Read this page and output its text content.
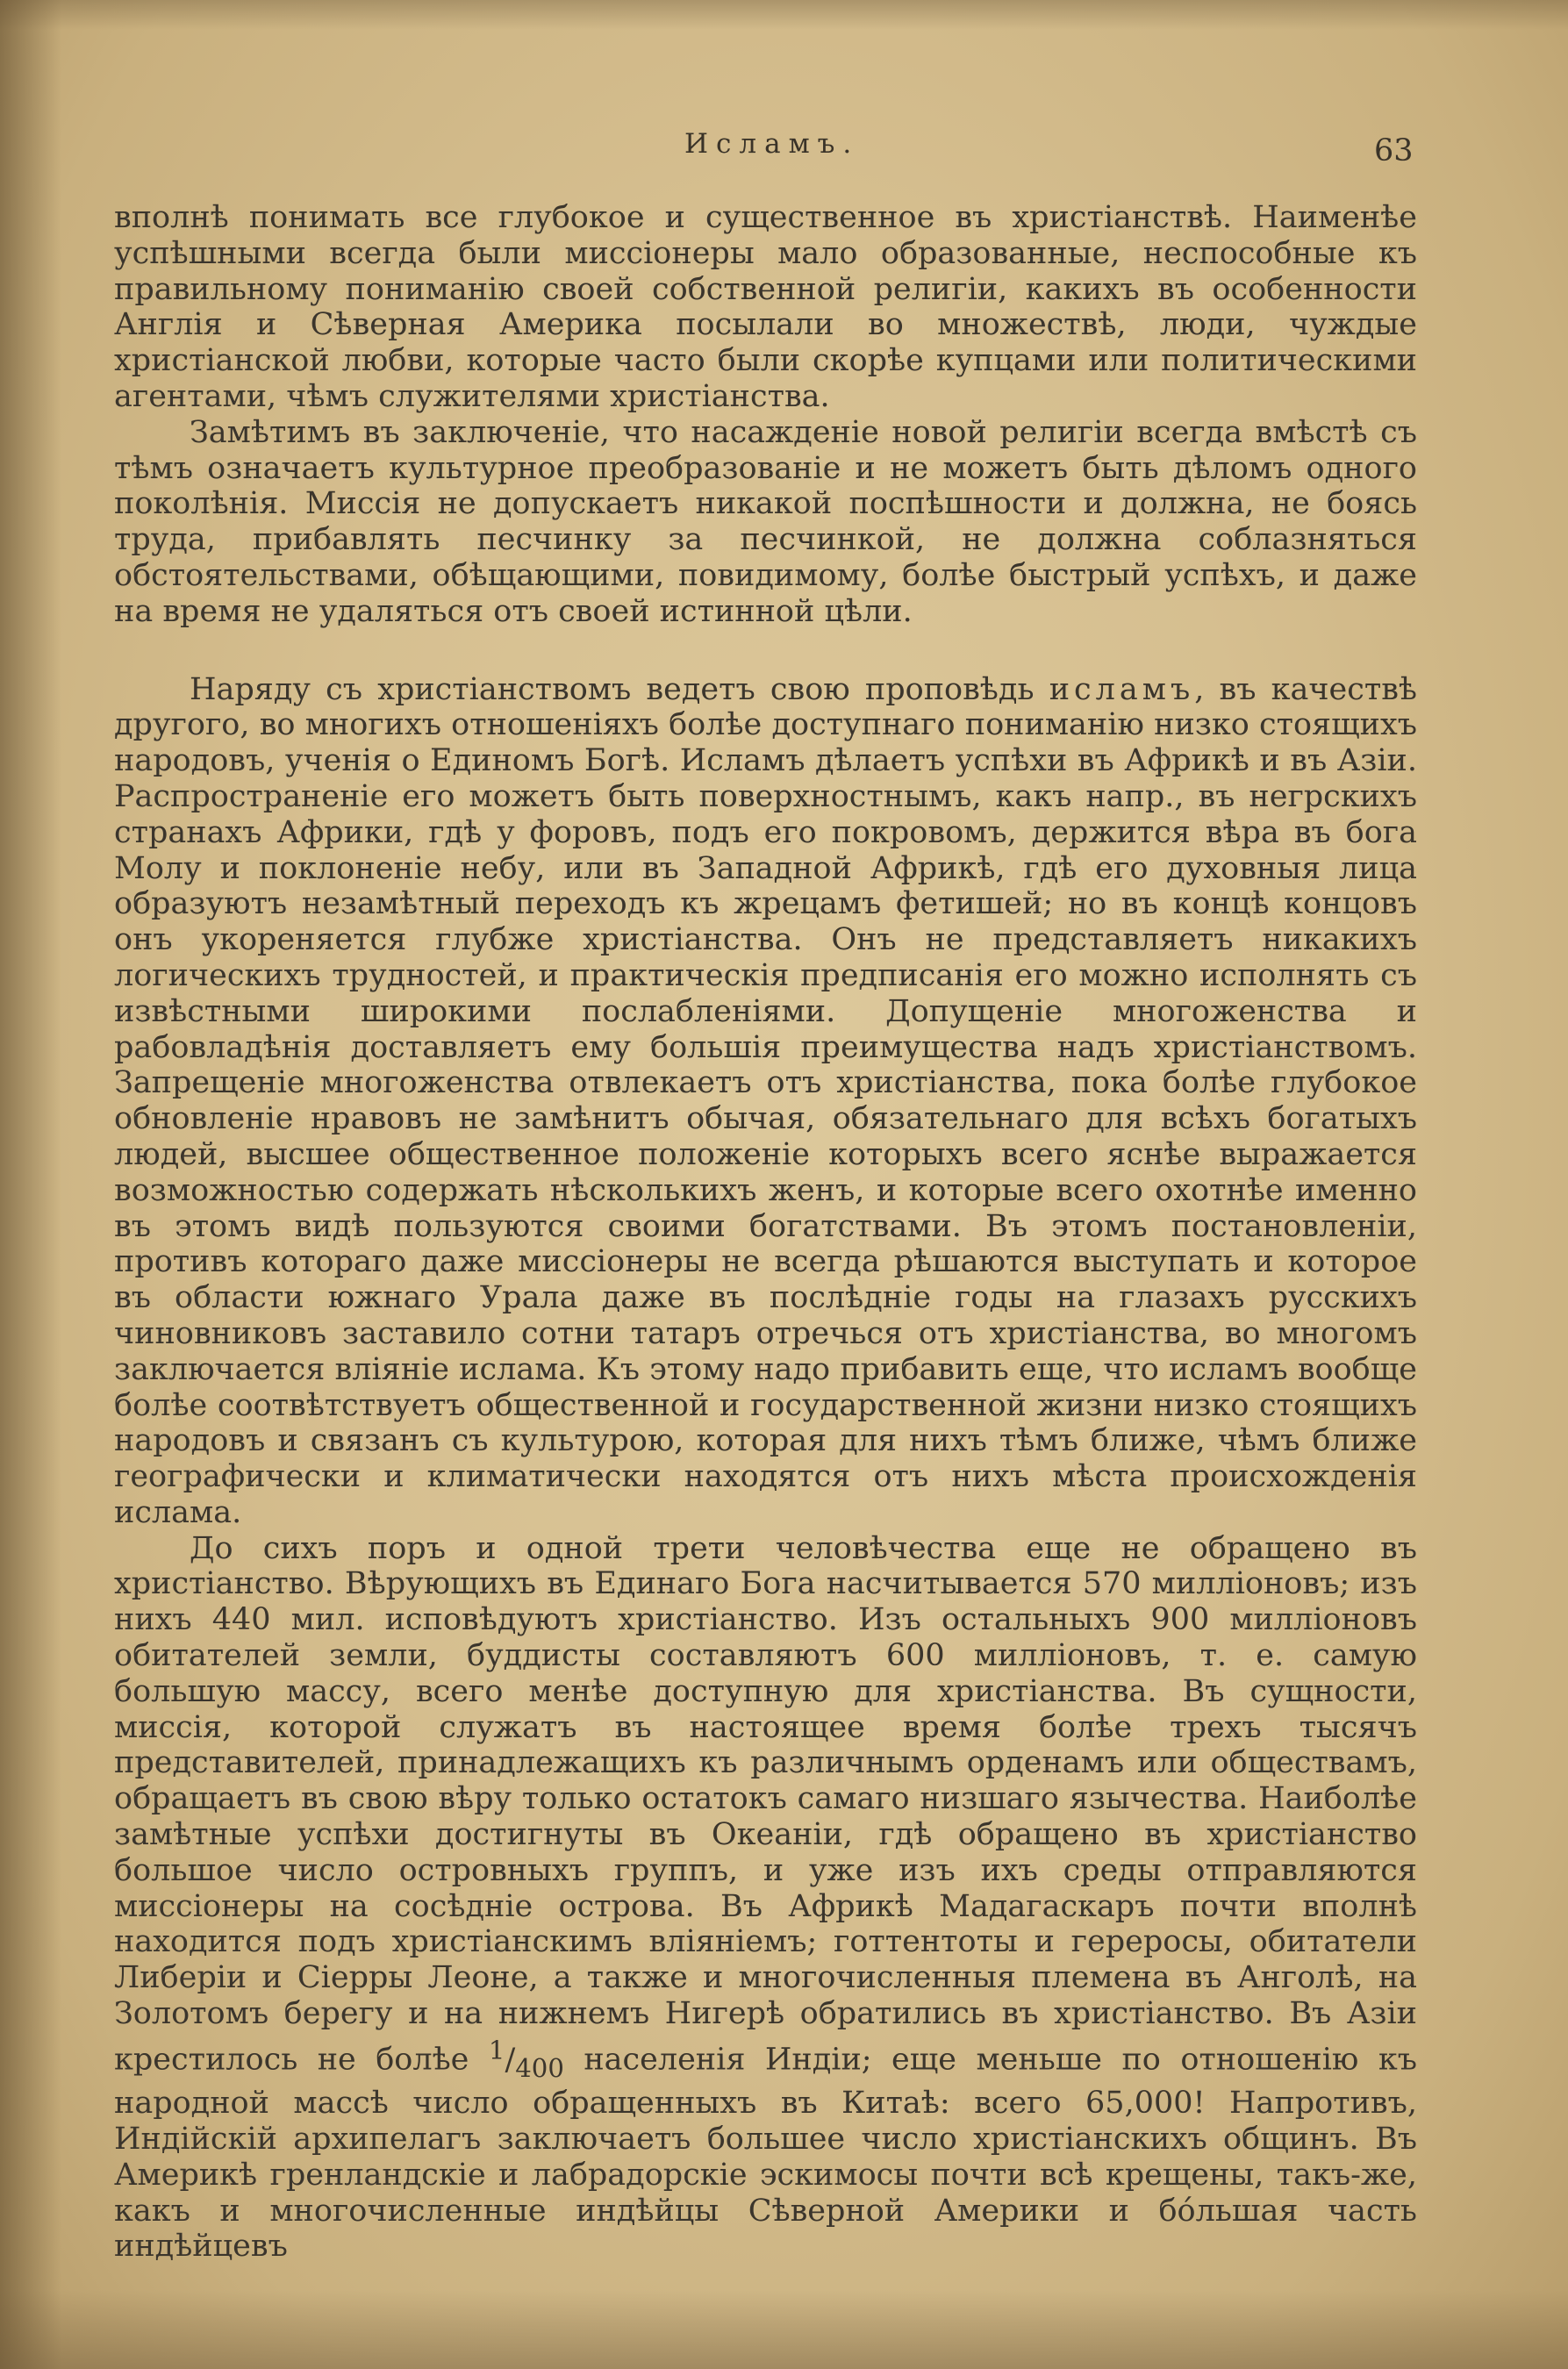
Исламъ.	63

вполнѣ понимать все глубокое и существенное въ христіанствѣ. Наименѣе успѣшными всегда были миссіонеры мало образованные, неспособные къ правильному пониманію своей собственной религіи, какихъ въ особенности Англія и Сѣверная Америка посылали во множествѣ, люди, чуждые христіанской любви, которые часто были скорѣе купцами или политическими агентами, чѣмъ служителями христіанства.

Замѣтимъ въ заключеніе, что насажденіе новой религіи всегда вмѣстѣ съ тѣмъ означаетъ культурное преобразованіе и не можетъ быть дѣломъ одного поколѣнія. Миссія не допускаетъ никакой поспѣшности и должна, не боясь труда, прибавлять песчинку за песчинкой, не должна соблазняться обстоятельствами, обѣщающими, повидимому, болѣе быстрый успѣхъ, и даже на время не удаляться отъ своей истинной цѣли.

Наряду съ христіанствомъ ведетъ свою проповѣдь исламъ, въ качествѣ другого, во многихъ отношеніяхъ болѣе доступнаго пониманію низко стоящихъ народовъ, ученія о Единомъ Богѣ. Исламъ дѣлаетъ успѣхи въ Африкѣ и въ Азіи. Распространеніе его можетъ быть поверхностнымъ, какъ напр., въ негрскихъ странахъ Африки, гдѣ у форовъ, подъ его покровомъ, держится вѣра въ бога Молу и поклоненіе небу, или въ Западной Африкѣ, гдѣ его духовныя лица образуютъ незамѣтный переходъ къ жрецамъ фетишей; но въ концѣ концовъ онъ укореняется глубже христіанства. Онъ не представляетъ никакихъ логическихъ трудностей, и практическія предписанія его можно исполнять съ извѣстными широкими послабленіями. Допущеніе многоженства и рабовладѣнія доставляетъ ему большія преимущества надъ христіанствомъ. Запрещеніе многоженства отвлекаетъ отъ христіанства, пока болѣе глубокое обновленіе нравовъ не замѣнитъ обычая, обязательнаго для всѣхъ богатыхъ людей, высшее общественное положеніе которыхъ всего яснѣе выражается возможностью содержать нѣсколькихъ женъ, и которые всего охотнѣе именно въ этомъ видѣ пользуются своими богатствами. Въ этомъ постановленіи, противъ котораго даже миссіонеры не всегда рѣшаются выступать и которое въ области южнаго Урала даже въ послѣдніе годы на глазахъ русскихъ чиновниковъ заставило сотни татаръ отречься отъ христіанства, во многомъ заключается вліяніе ислама. Къ этому надо прибавить еще, что исламъ вообще болѣе соотвѣтствуетъ общественной и государственной жизни низко стоящихъ народовъ и связанъ съ культурою, которая для нихъ тѣмъ ближе, чѣмъ ближе географически и климатически находятся отъ нихъ мѣста происхожденія ислама.

До сихъ поръ и одной трети человѣчества еще не обращено въ христіанство. Вѣрующихъ въ Единаго Бога насчитывается 570 милліоновъ; изъ нихъ 440 мил. исповѣдуютъ христіанство. Изъ остальныхъ 900 милліоновъ обитателей земли, буддисты составляютъ 600 милліоновъ, т. е. самую большую массу, всего менѣе доступную для христіанства. Въ сущности, миссія, которой служатъ въ настоящее время болѣе трехъ тысячъ представителей, принадлежащихъ къ различнымъ орденамъ или обществамъ, обращаетъ въ свою вѣру только остатокъ самаго низшаго язычества. Наиболѣе замѣтные успѣхи достигнуты въ Океаніи, гдѣ обращено въ христіанство большое число островныхъ группъ, и уже изъ ихъ среды отправляются миссіонеры на сосѣдніе острова. Въ Африкѣ Мадагаскаръ почти вполнѣ находится подъ христіанскимъ вліяніемъ; готтентоты и гереросы, обитатели Либеріи и Сіерры Леоне, а также и многочисленныя племена въ Анголѣ, на Золотомъ берегу и на нижнемъ Нигерѣ обратились въ христіанство. Въ Азіи крестилось не болѣе $^1/_{400}$ населенія Индіи; еще меньше по отношенію къ народной массѣ число обращенныхъ въ Китаѣ: всего 65,000! Напротивъ, Индійскій архипелагъ заключаетъ большее число христіанскихъ общинъ. Въ Америкѣ гренландскіе и лабрадорскіе эскимосы почти всѣ крещены, такъ-же, какъ и многочисленные индѣйцы Сѣверной Америки и бóльшая часть индѣйцевъ
